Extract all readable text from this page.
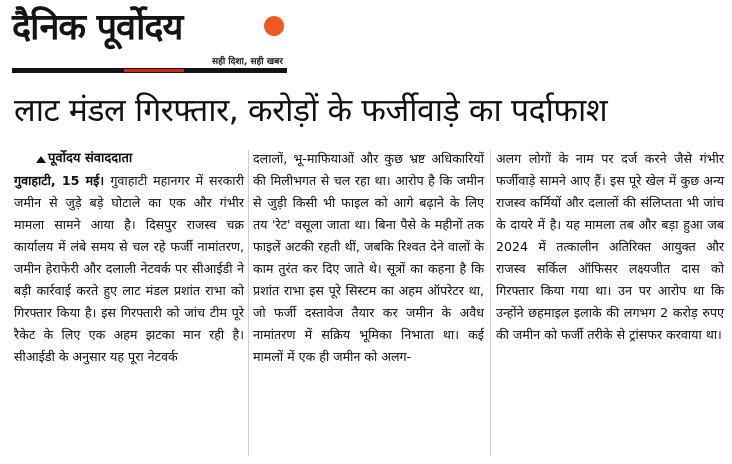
दैनिक पूर्वोदय
सही दिशा, सही खबर
लाट मंडल गिरफ्तार, करोड़ों के फर्जीवाड़े का पर्दाफाश
पूर्वोदय संवाददाता
गुवाहाटी, 15 मई। गुवाहाटी महानगर में सरकारी जमीन से जुड़े बड़े घोटाले का एक और गंभीर मामला सामने आया है। दिसपुर राजस्व चक्र कार्यालय में लंबे समय से चल रहे फर्जी नामांतरण, जमीन हेराफेरी और दलाली नेटवर्क पर सीआईडी ने बड़ी कार्रवाई करते हुए लाट मंडल प्रशांत राभा को गिरफ्तार किया है। इस गिरफ्तारी को जांच टीम पूरे रैकेट के लिए एक अहम झटका मान रही है। सीआईडी के अनुसार यह पूरा नेटवर्क
दलालों, भू-माफियाओं और कुछ भ्रष्ट अधिकारियों की मिलीभगत से चल रहा था। आरोप है कि जमीन से जुड़ी किसी भी फाइल को आगे बढ़ाने के लिए तय 'रेट' वसूला जाता था। बिना पैसे के महीनों तक फाइलें अटकी रहती थीं, जबकि रिश्वत देने वालों के काम तुरंत कर दिए जाते थे। सूत्रों का कहना है कि प्रशांत राभा इस पूरे सिस्टम का अहम ऑपरेटर था, जो फर्जी दस्तावेज तैयार कर जमीन के अवैध नामांतरण में सक्रिय भूमिका निभाता था। कई मामलों में एक ही जमीन को अलग-
अलग लोगों के नाम पर दर्ज करने जैसे गंभीर फर्जीवाड़े सामने आए हैं। इस पूरे खेल में कुछ अन्य राजस्व कर्मियों और दलालों की संलिप्तता भी जांच के दायरे में है। यह मामला तब और बड़ा हुआ जब 2024 में तत्कालीन अतिरिक्त आयुक्त और राजस्व सर्किल ऑफिसर लक्ष्यजीत दास को गिरफ्तार किया गया था। उन पर आरोप था कि उन्होंने छहमाइल इलाके की लगभग 2 करोड़ रुपए की जमीन को फर्जी तरीके से ट्रांसफर करवाया था।
